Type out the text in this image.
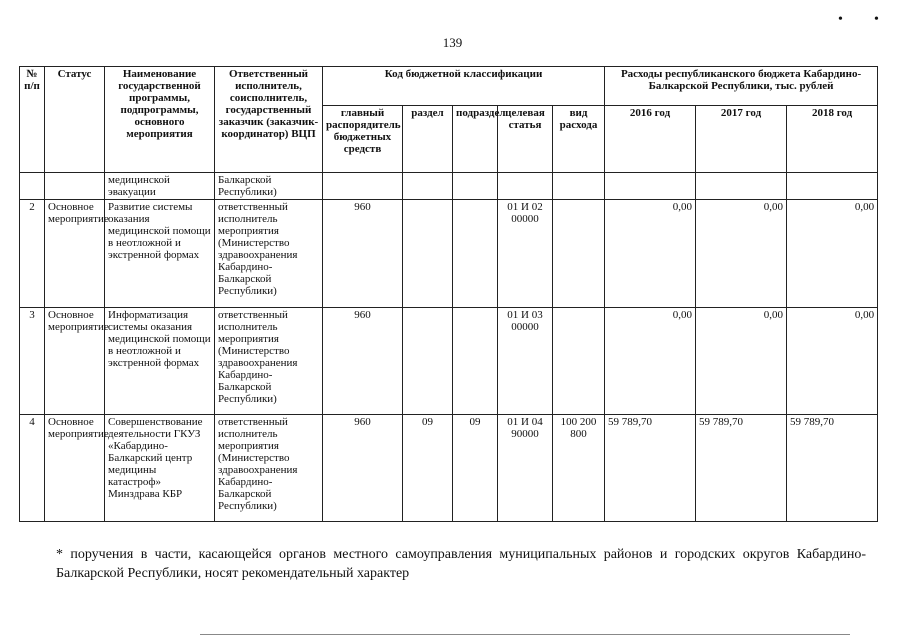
139
• •
№ п/п	Статус	Наименование государственной программы, подпрограммы, основного мероприятия	Ответственный исполнитель, соисполнитель, государственный заказчик (заказчик-координатор) ВЦП	Код бюджетной классификации					Расходы республиканского бюджета Кабардино-Балкарской Республики, тыс. рублей		
				главный распорядитель бюджетных средств	раздел	подраздел	целевая статья	вид расхода	2016 год	2017 год	2018 год
		медицинской эвакуации	Балкарской Республики)								
2	Основное мероприятие	Развитие системы оказания медицинской помощи в неотложной и экстренной формах	ответственный исполнитель мероприятия (Министерство здравоохранения Кабардино-Балкарской Республики)	960			01 И 02 00000		0,00	0,00	0,00
3	Основное мероприятие	Информатизация системы оказания медицинской помощи в неотложной и экстренной формах	ответственный исполнитель мероприятия (Министерство здравоохранения Кабардино-Балкарской Республики)	960			01 И 03 00000		0,00	0,00	0,00
4	Основное мероприятие	Совершенствование деятельности ГКУЗ «Кабардино-Балкарский центр медицины катастроф» Минздрава КБР	ответственный исполнитель мероприятия (Министерство здравоохранения Кабардино-Балкарской Республики)	960	09	09	01 И 04 90000	100 200 800	59 789,70	59 789,70	59 789,70
* поручения в части, касающейся органов местного самоуправления муниципальных районов и городских округов Кабардино-Балкарской Республики, носят рекомендательный характер
